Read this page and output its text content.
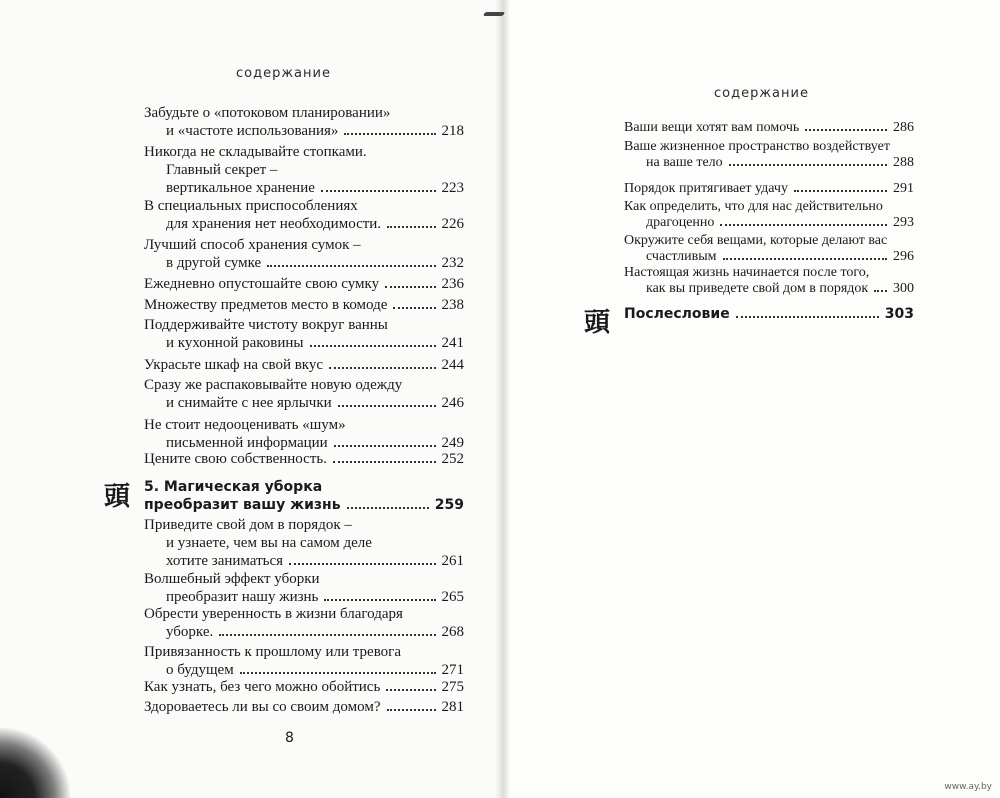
содержание
Забудьте о «потоковом планировании»
и «частоте использования»	218
Никогда не складывайте стопками.
Главный секрет –
вертикальное хранение	223
В специальных приспособлениях
для хранения нет необходимости.	226
Лучший способ хранения сумок –
в другой сумке	232
Ежедневно опустошайте свою сумку	236
Множеству предметов место в комоде	238
Поддерживайте чистоту вокруг ванны
и кухонной раковины	241
Украсьте шкаф на свой вкус	244
Сразу же распаковывайте новую одежду
и снимайте с нее ярлычки	246
Не стоит недооценивать «шум»
письменной информации	249
Цените свою собственность.	252
頭 5. Магическая уборка
преобразит вашу жизнь	259
Приведите свой дом в порядок –
и узнаете, чем вы на самом деле
хотите заниматься	261
Волшебный эффект уборки
преобразит нашу жизнь	265
Обрести уверенность в жизни благодаря
уборке.	268
Привязанность к прошлому или тревога
о будущем	271
Как узнать, без чего можно обойтись	275
Здороваетесь ли вы со своим домом?	281
8
содержание
Ваши вещи хотят вам помочь	286
Ваше жизненное пространство воздействует
на ваше тело	288
Порядок притягивает удачу	291
Как определить, что для нас действительно
драгоценно	293
Окружите себя вещами, которые делают вас
счастливым	296
Настоящая жизнь начинается после того,
как вы приведете свой дом в порядок 300
頭 Послесловие	303
www.ay.by
